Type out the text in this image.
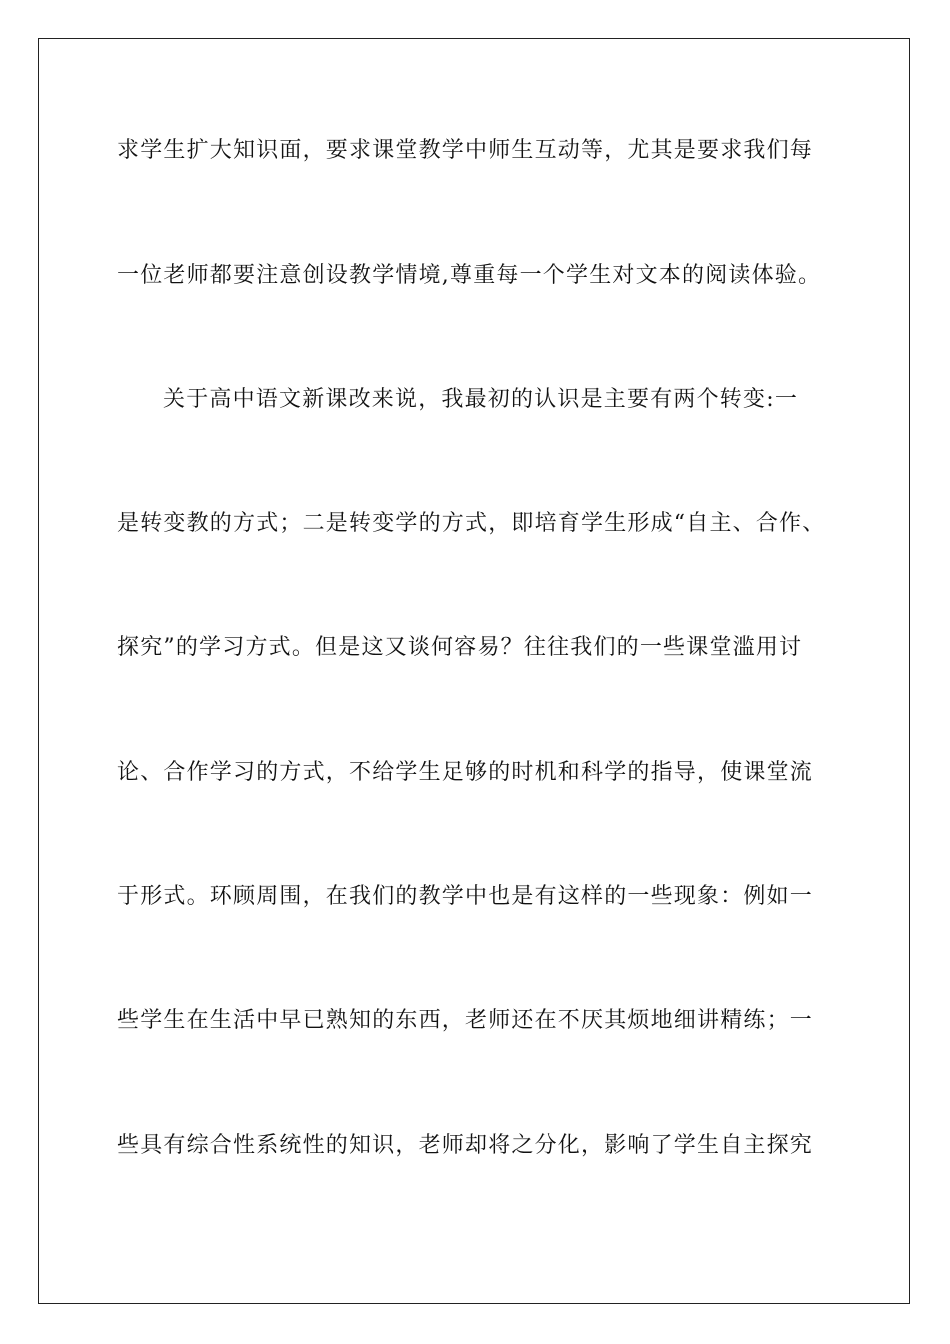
求学生扩大知识面，要求课堂教学中师生互动等，尤其是要求我们每
一位老师都要注意创设教学情境,尊重每一个学生对文本的阅读体验。
关于高中语文新课改来说，我最初的认识是主要有两个转变:一
是转变教的方式；二是转变学的方式，即培育学生形成“自主、合作、
探究”的学习方式。但是这又谈何容易？往往我们的一些课堂滥用讨
论、合作学习的方式，不给学生足够的时机和科学的指导，使课堂流
于形式。环顾周围，在我们的教学中也是有这样的一些现象：例如一
些学生在生活中早已熟知的东西，老师还在不厌其烦地细讲精练；一
些具有综合性系统性的知识，老师却将之分化，影响了学生自主探究
